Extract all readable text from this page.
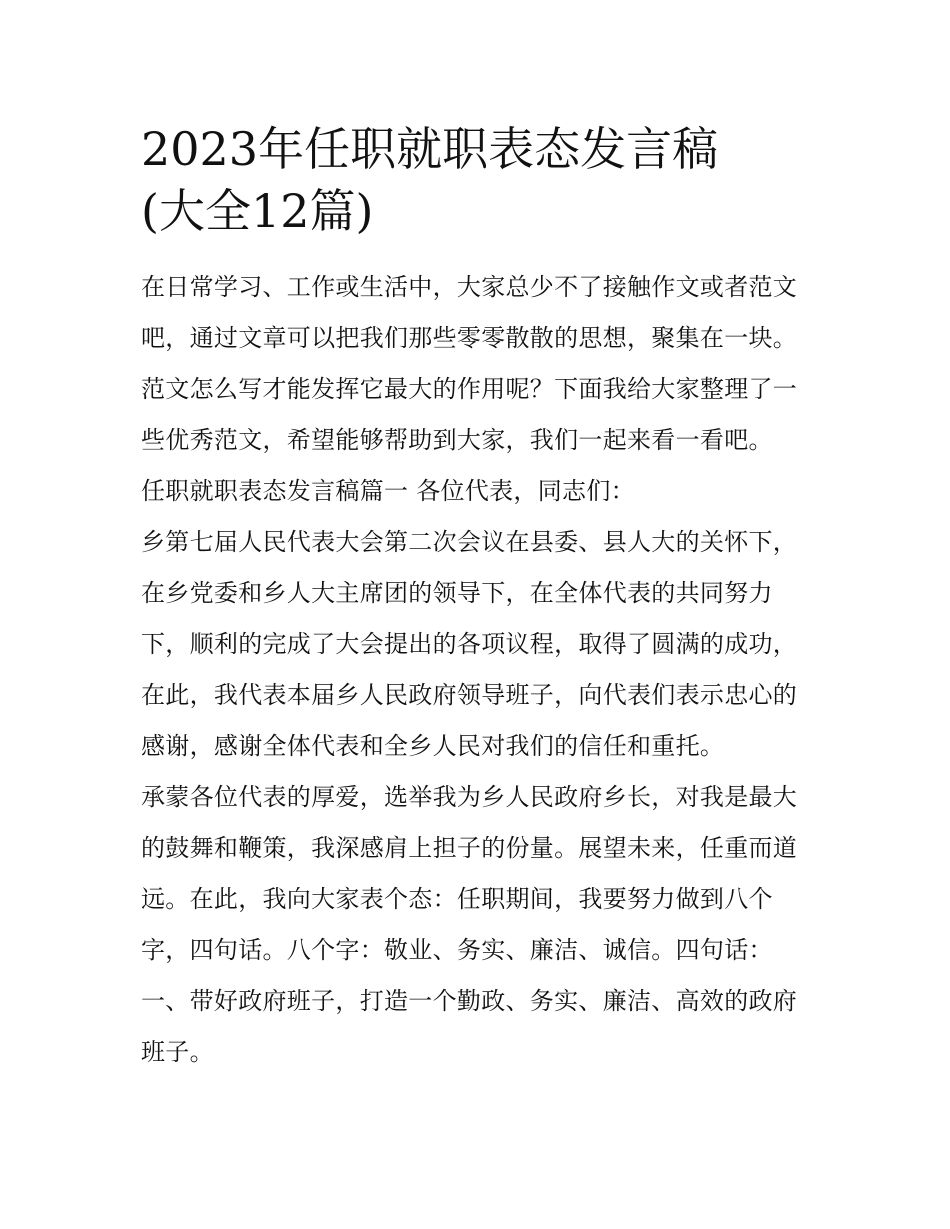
2023年任职就职表态发言稿
(大全12篇)

在日常学习、工作或生活中，大家总少不了接触作文或者范文
吧，通过文章可以把我们那些零零散散的思想，聚集在一块。
范文怎么写才能发挥它最大的作用呢？下面我给大家整理了一
些优秀范文，希望能够帮助到大家，我们一起来看一看吧。

任职就职表态发言稿篇一 各位代表，同志们：

乡第七届人民代表大会第二次会议在县委、县人大的关怀下，
在乡党委和乡人大主席团的领导下，在全体代表的共同努力
下，顺利的完成了大会提出的各项议程，取得了圆满的成功，
在此，我代表本届乡人民政府领导班子，向代表们表示忠心的
感谢，感谢全体代表和全乡人民对我们的信任和重托。

承蒙各位代表的厚爱，选举我为乡人民政府乡长，对我是最大
的鼓舞和鞭策，我深感肩上担子的份量。展望未来，任重而道
远。在此，我向大家表个态：任职期间，我要努力做到八个
字，四句话。八个字：敬业、务实、廉洁、诚信。四句话：

一、带好政府班子，打造一个勤政、务实、廉洁、高效的政府
班子。
